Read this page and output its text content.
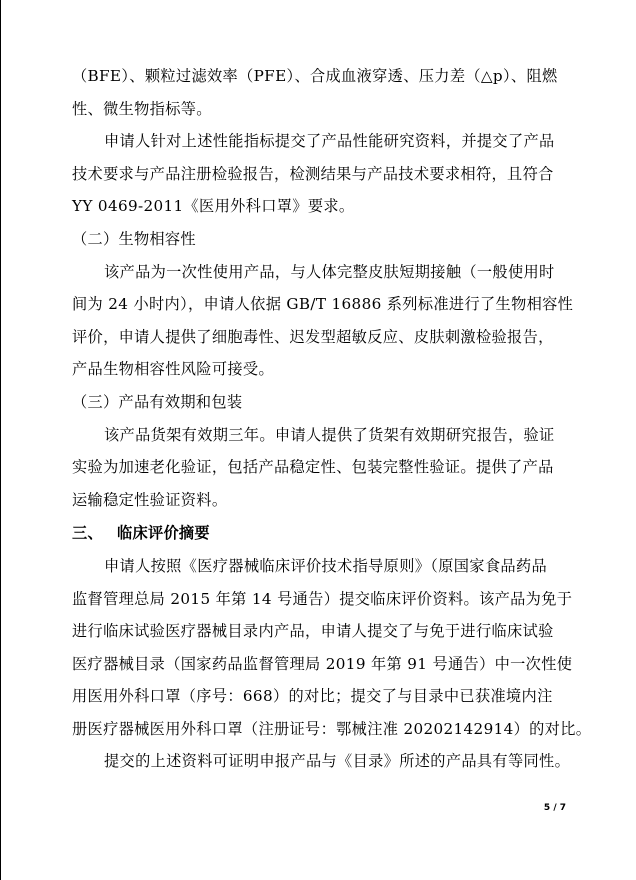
（BFE）、颗粒过滤效率（PFE）、合成血液穿透、压力差（△p）、阻燃
性、微生物指标等。
申请人针对上述性能指标提交了产品性能研究资料，并提交了产品
技术要求与产品注册检验报告，检测结果与产品技术要求相符，且符合
YY 0469-2011《医用外科口罩》要求。
（二）生物相容性
该产品为一次性使用产品，与人体完整皮肤短期接触（一般使用时
间为 24 小时内），申请人依据 GB/T 16886 系列标准进行了生物相容性
评价，申请人提供了细胞毒性、迟发型超敏反应、皮肤刺激检验报告，
产品生物相容性风险可接受。
（三）产品有效期和包装
该产品货架有效期三年。申请人提供了货架有效期研究报告，验证
实验为加速老化验证，包括产品稳定性、包装完整性验证。提供了产品
运输稳定性验证资料。
三、 临床评价摘要
申请人按照《医疗器械临床评价技术指导原则》（原国家食品药品
监督管理总局 2015 年第 14 号通告）提交临床评价资料。该产品为免于
进行临床试验医疗器械目录内产品，申请人提交了与免于进行临床试验
医疗器械目录（国家药品监督管理局 2019 年第 91 号通告）中一次性使
用医用外科口罩（序号：668）的对比；提交了与目录中已获准境内注
册医疗器械医用外科口罩（注册证号：鄂械注准 20202142914）的对比。
提交的上述资料可证明申报产品与《目录》所述的产品具有等同性。
5 / 7
